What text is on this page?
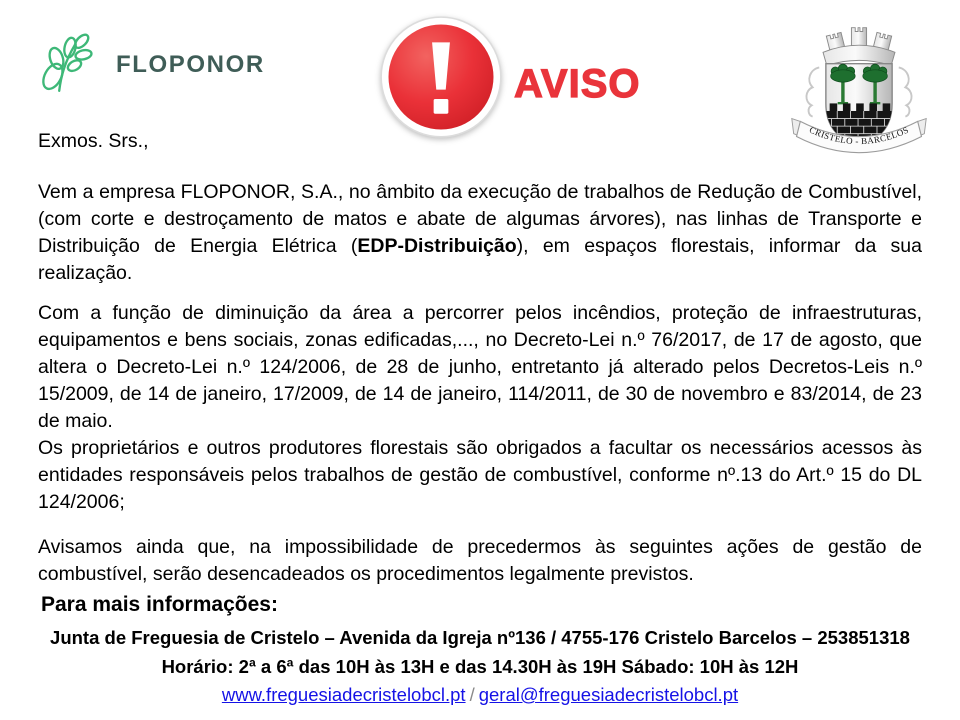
FLOPONOR	AVISO
CRISTELO - BARCELOS

Exmos. Srs.,

Vem a empresa FLOPONOR, S.A., no âmbito da execução de trabalhos de Redução de Combustível, (com corte e destroçamento de matos e abate de algumas árvores), nas linhas de Transporte e Distribuição de Energia Elétrica (EDP-Distribuição), em espaços florestais, informar da sua realização.

Com a função de diminuição da área a percorrer pelos incêndios, proteção de infraestruturas, equipamentos e bens sociais, zonas edificadas,..., no Decreto-Lei n.º 76/2017, de 17 de agosto, que altera o Decreto-Lei n.º 124/2006, de 28 de junho, entretanto já alterado pelos Decretos-Leis n.º 15/2009, de 14 de janeiro, 17/2009, de 14 de janeiro, 114/2011, de 30 de novembro e 83/2014, de 23 de maio.

Os proprietários e outros produtores florestais são obrigados a facultar os necessários acessos às entidades responsáveis pelos trabalhos de gestão de combustível, conforme nº.13 do Art.º 15 do DL 124/2006;

Avisamos ainda que, na impossibilidade de precedermos às seguintes ações de gestão de combustível, serão desencadeados os procedimentos legalmente previstos.

Para mais informações:
Junta de Freguesia de Cristelo – Avenida da Igreja nº136 / 4755-176 Cristelo Barcelos – 253851318
Horário: 2ª a 6ª das 10H às 13H e das 14.30H às 19H Sábado: 10H às 12H
www.freguesiadecristelobcl.pt / geral@freguesiadecristelobcl.pt
